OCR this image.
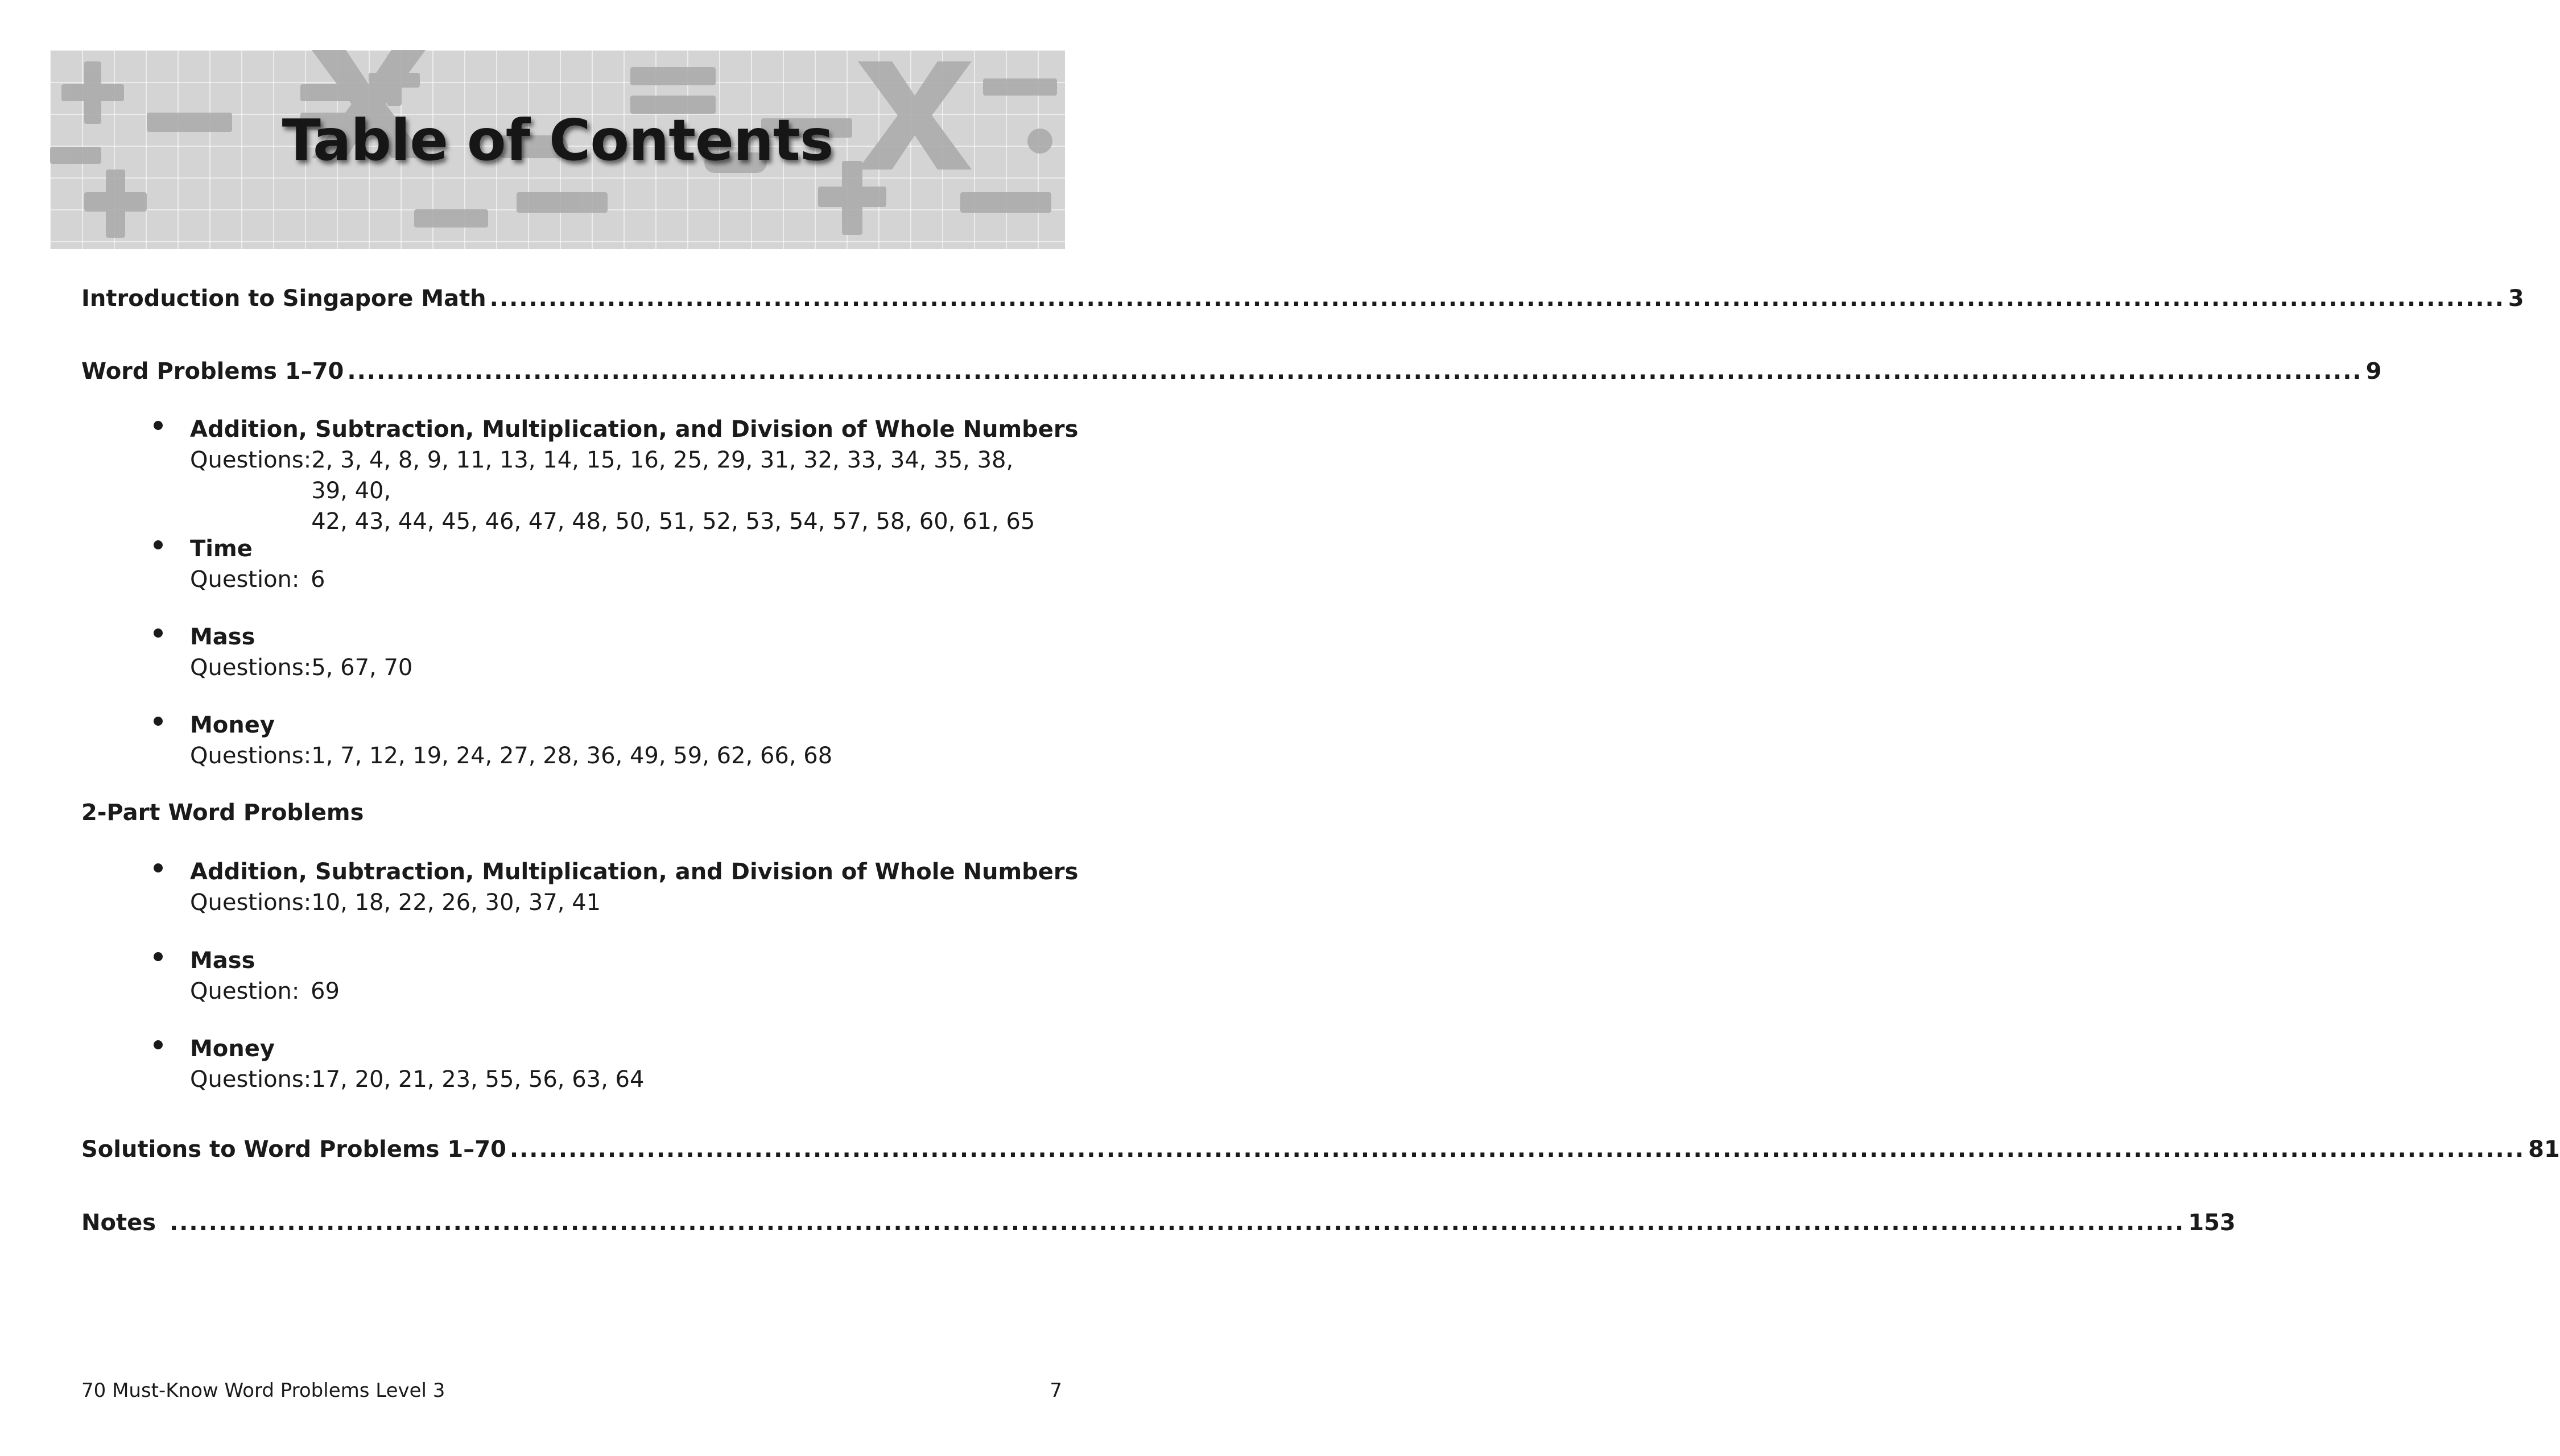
Table of Contents
Introduction to Singapore Math .............................................................................................................................................................................................................. 3
Word Problems 1–70 .............................................................................................................................................................................................................. 9
Addition, Subtraction, Multiplication, and Division of Whole Numbers
Questions: 2, 3, 4, 8, 9, 11, 13, 14, 15, 16, 25, 29, 31, 32, 33, 34, 35, 38, 39, 40,
42, 43, 44, 45, 46, 47, 48, 50, 51, 52, 53, 54, 57, 58, 60, 61, 65
Time
Question: 6
Mass
Questions: 5, 67, 70
Money
Questions: 1, 7, 12, 19, 24, 27, 28, 36, 49, 59, 62, 66, 68
2-Part Word Problems
Addition, Subtraction, Multiplication, and Division of Whole Numbers
Questions: 10, 18, 22, 26, 30, 37, 41
Mass
Question: 69
Money
Questions: 17, 20, 21, 23, 55, 56, 63, 64
Solutions to Word Problems 1–70 .............................................................................................................................................................................................................. 81
Notes .............................................................................................................................................................................................................. 153
70 Must-Know Word Problems Level 3	7
